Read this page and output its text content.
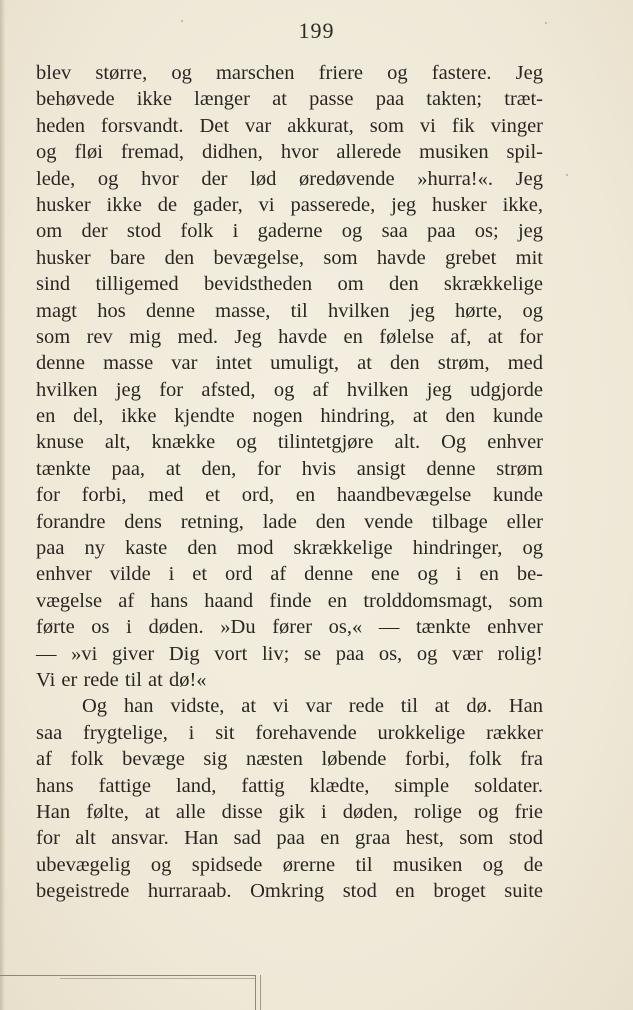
199
blev større, og marschen friere og fastere. Jeg
behøvede ikke længer at passe paa takten; træt-
heden forsvandt. Det var akkurat, som vi fik vinger
og fløi fremad, didhen, hvor allerede musiken spil-
lede, og hvor der lød øredøvende »hurra!«. Jeg
husker ikke de gader, vi passerede, jeg husker ikke,
om der stod folk i gaderne og saa paa os; jeg
husker bare den bevægelse, som havde grebet mit
sind tilligemed bevidstheden om den skrækkelige
magt hos denne masse, til hvilken jeg hørte, og
som rev mig med. Jeg havde en følelse af, at for
denne masse var intet umuligt, at den strøm, med
hvilken jeg for afsted, og af hvilken jeg udgjorde
en del, ikke kjendte nogen hindring, at den kunde
knuse alt, knække og tilintetgjøre alt. Og enhver
tænkte paa, at den, for hvis ansigt denne strøm
for forbi, med et ord, en haandbevægelse kunde
forandre dens retning, lade den vende tilbage eller
paa ny kaste den mod skrækkelige hindringer, og
enhver vilde i et ord af denne ene og i en be-
vægelse af hans haand finde en trolddomsmagt, som
førte os i døden. »Du fører os,« — tænkte enhver
— »vi giver Dig vort liv; se paa os, og vær rolig!
Vi er rede til at dø!«
Og han vidste, at vi var rede til at dø. Han
saa frygtelige, i sit forehavende urokkelige rækker
af folk bevæge sig næsten løbende forbi, folk fra
hans fattige land, fattig klædte, simple soldater.
Han følte, at alle disse gik i døden, rolige og frie
for alt ansvar. Han sad paa en graa hest, som stod
ubevægelig og spidsede ørerne til musiken og de
begeistrede hurraraab. Omkring stod en broget suite
